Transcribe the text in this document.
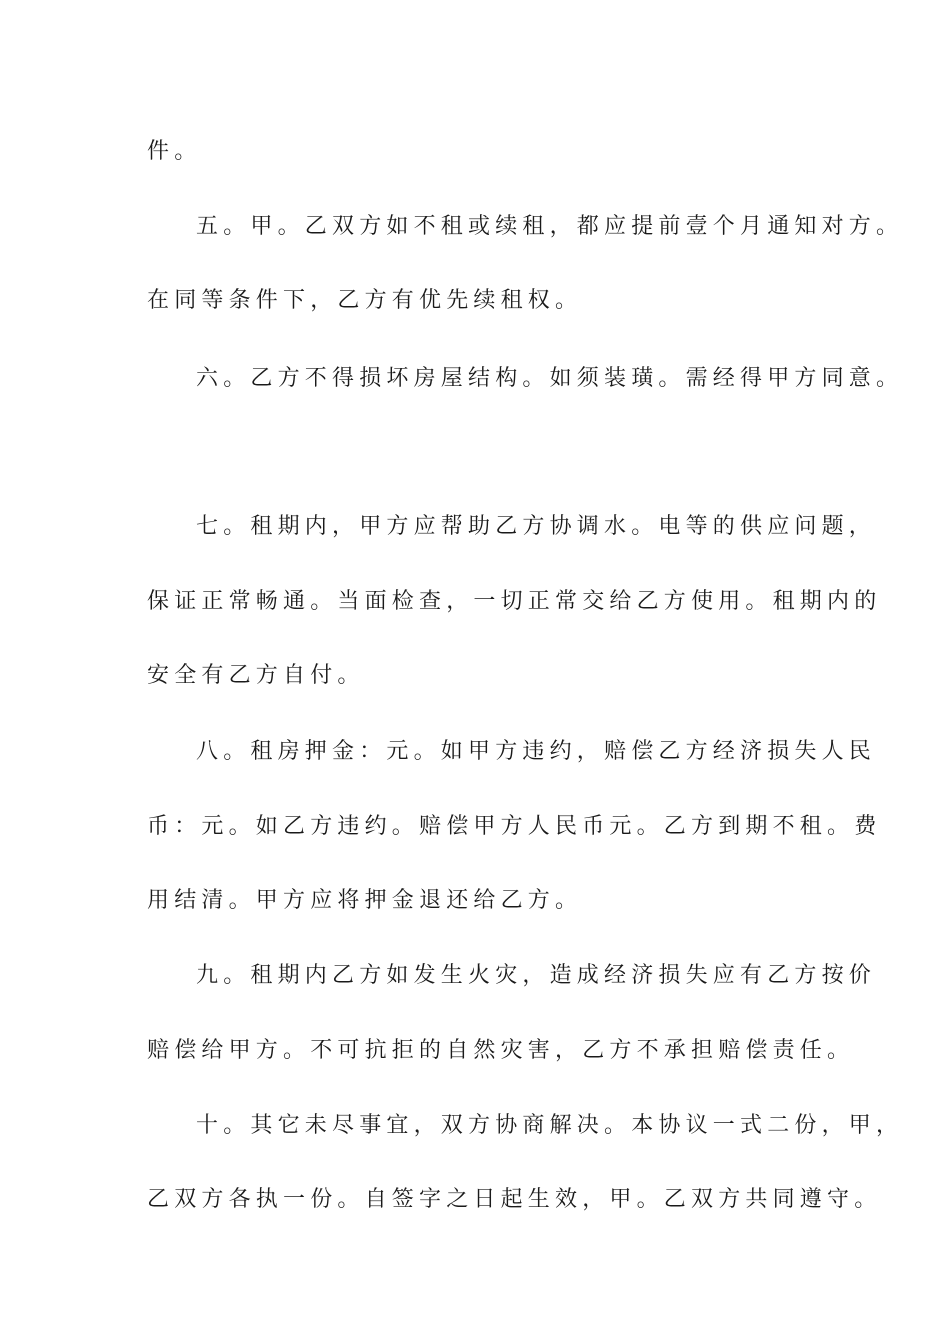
件。
五。甲。乙双方如不租或续租，都应提前壹个月通知对方。
在同等条件下，乙方有优先续租权。
六。乙方不得损坏房屋结构。如须装璜。需经得甲方同意。
七。租期内，甲方应帮助乙方协调水。电等的供应问题，
保证正常畅通。当面检查，一切正常交给乙方使用。租期内的
安全有乙方自付。
八。租房押金：元。如甲方违约，赔偿乙方经济损失人民
币：元。如乙方违约。赔偿甲方人民币元。乙方到期不租。费
用结清。甲方应将押金退还给乙方。
九。租期内乙方如发生火灾，造成经济损失应有乙方按价
赔偿给甲方。不可抗拒的自然灾害，乙方不承担赔偿责任。
十。其它未尽事宜，双方协商解决。本协议一式二份，甲，
乙双方各执一份。自签字之日起生效，甲。乙双方共同遵守。
